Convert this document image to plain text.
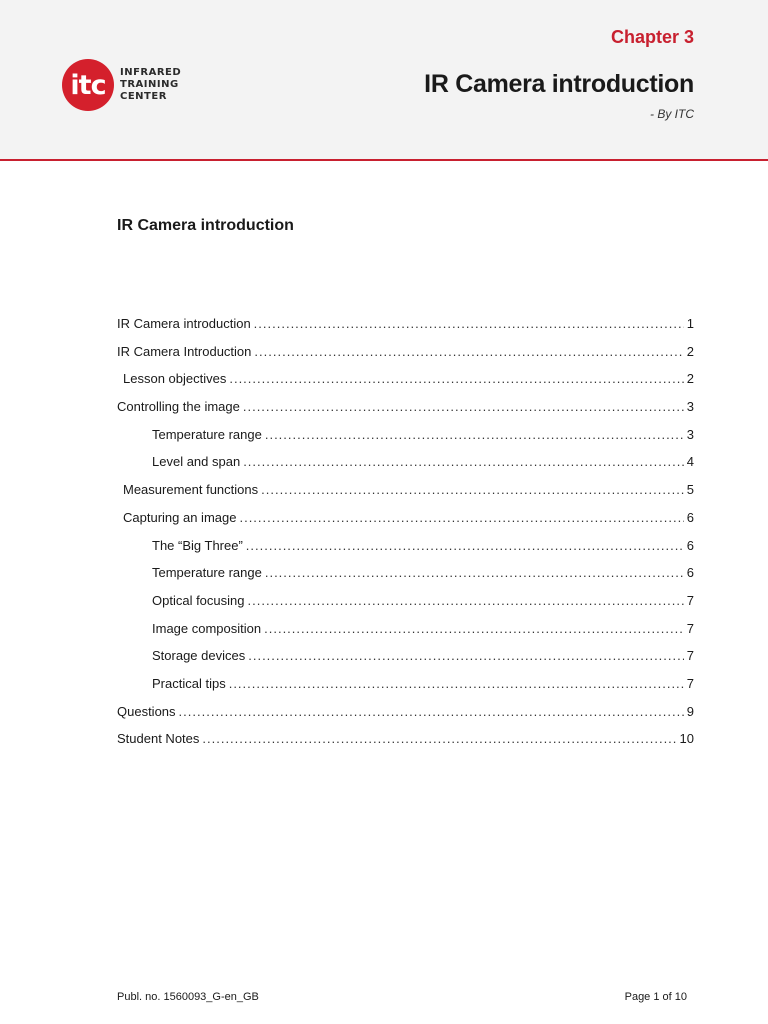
itc	INFRARED
TRAINING
CENTER
Chapter 3
IR Camera introduction
- By ITC
IR Camera introduction
IR Camera introduction .....	1
IR Camera Introduction .....	2
Lesson objectives .....	2
Controlling the image .....	3
Temperature range .....	3
Level and span .....	4
Measurement functions .....	5
Capturing an image .....	6
The “Big Three” .....	6
Temperature range .....	6
Optical focusing .....	7
Image composition .....	7
Storage devices .....	7
Practical tips .....	7
Questions .....	9
Student Notes .....	10
Publ. no. 1560093_G-en_GB	Page 1 of 10
